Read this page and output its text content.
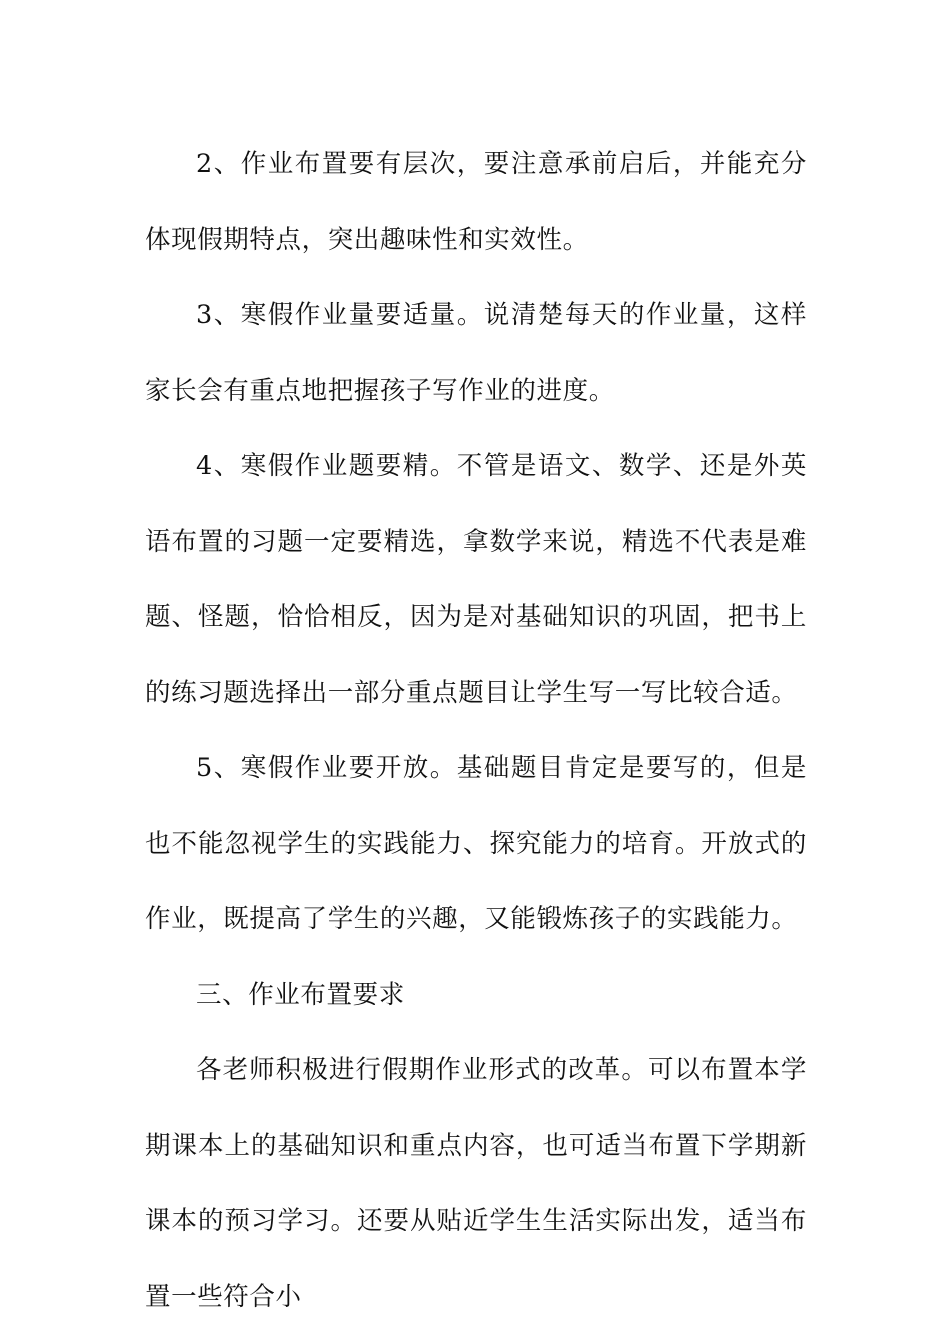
2、作业布置要有层次，要注意承前启后，并能充分体现假期特点，突出趣味性和实效性。

3、寒假作业量要适量。说清楚每天的作业量，这样家长会有重点地把握孩子写作业的进度。

4、寒假作业题要精。不管是语文、数学、还是外英语布置的习题一定要精选，拿数学来说，精选不代表是难题、怪题，恰恰相反，因为是对基础知识的巩固，把书上的练习题选择出一部分重点题目让学生写一写比较合适。

5、寒假作业要开放。基础题目肯定是要写的，但是也不能忽视学生的实践能力、探究能力的培育。开放式的作业，既提高了学生的兴趣，又能锻炼孩子的实践能力。

三、作业布置要求

各老师积极进行假期作业形式的改革。可以布置本学期课本上的基础知识和重点内容，也可适当布置下学期新课本的预习学习。还要从贴近学生生活实际出发，适当布置一些符合小
